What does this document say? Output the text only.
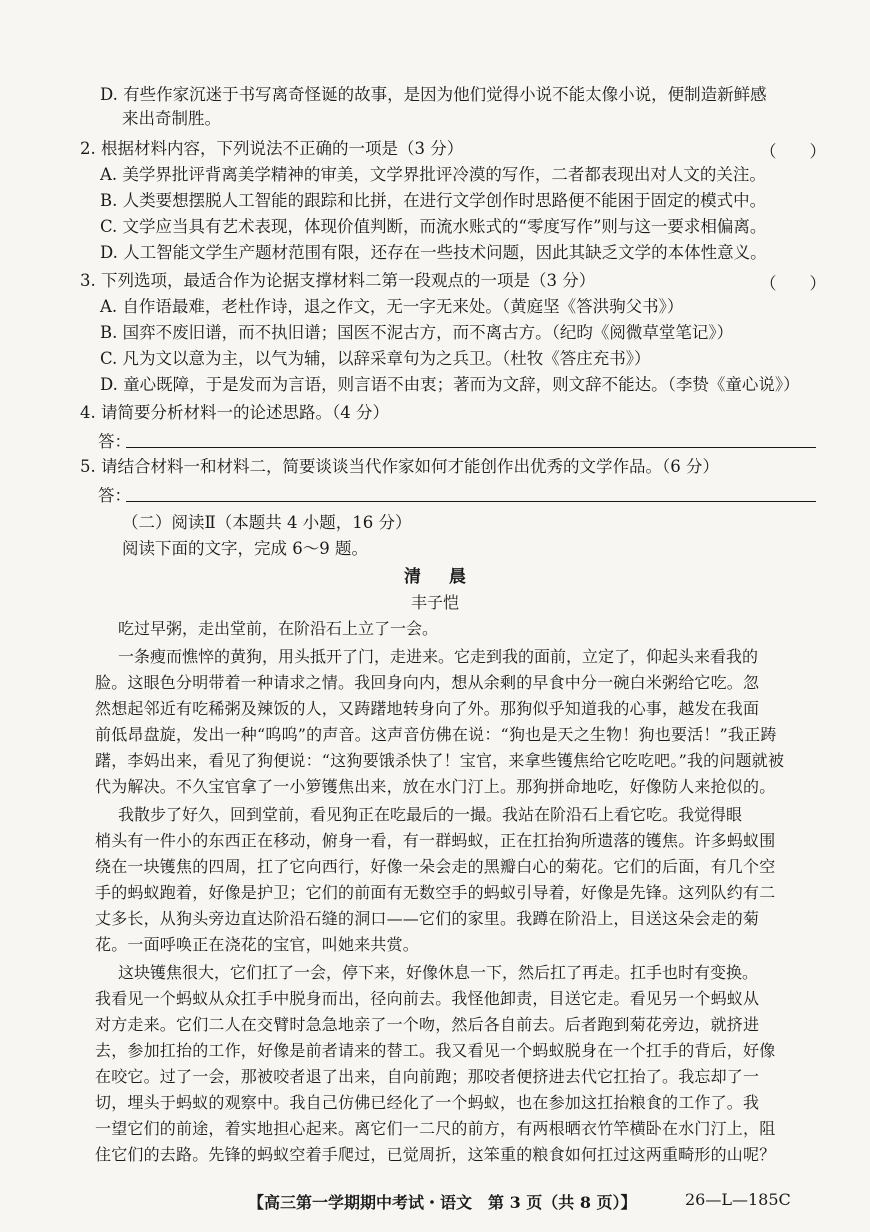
D. 有些作家沉迷于书写离奇怪诞的故事，是因为他们觉得小说不能太像小说，便制造新鲜感
来出奇制胜。
2. 根据材料内容，下列说法不正确的一项是（3 分）	（　　）
A. 美学界批评背离美学精神的审美，文学界批评冷漠的写作，二者都表现出对人文的关注。
B. 人类要想摆脱人工智能的跟踪和比拼，在进行文学创作时思路便不能困于固定的模式中。
C. 文学应当具有艺术表现，体现价值判断，而流水账式的“零度写作”则与这一要求相偏离。
D. 人工智能文学生产题材范围有限，还存在一些技术问题，因此其缺乏文学的本体性意义。
3. 下列选项，最适合作为论据支撑材料二第一段观点的一项是（3 分）	（　　）
A. 自作语最难，老杜作诗，退之作文，无一字无来处。（黄庭坚《答洪驹父书》）
B. 国弈不废旧谱，而不执旧谱；国医不泥古方，而不离古方。（纪昀《阅微草堂笔记》）
C. 凡为文以意为主，以气为辅，以辞采章句为之兵卫。（杜牧《答庄充书》）
D. 童心既障，于是发而为言语，则言语不由衷；著而为文辞，则文辞不能达。（李贽《童心说》）
4. 请简要分析材料一的论述思路。（4 分）
答：
5. 请结合材料一和材料二，简要谈谈当代作家如何才能创作出优秀的文学作品。（6 分）
答：
（二）阅读Ⅱ（本题共 4 小题，16 分）
阅读下面的文字，完成 6～9 题。
清晨
丰子恺
吃过早粥，走出堂前，在阶沿石上立了一会。
一条瘦而憔悴的黄狗，用头抵开了门，走进来。它走到我的面前，立定了，仰起头来看我的
脸。这眼色分明带着一种请求之情。我回身向内，想从余剩的早食中分一碗白米粥给它吃。忽
然想起邻近有吃稀粥及辣饭的人，又踌躇地转身向了外。那狗似乎知道我的心事，越发在我面
前低昂盘旋，发出一种“呜呜”的声音。这声音仿佛在说：“狗也是天之生物！狗也要活！”我正踌
躇，李妈出来，看见了狗便说：“这狗要饿杀快了！宝官，来拿些镬焦给它吃吃吧。”我的问题就被
代为解决。不久宝官拿了一小箩镬焦出来，放在水门汀上。那狗拼命地吃，好像防人来抢似的。
我散步了好久，回到堂前，看见狗正在吃最后的一撮。我站在阶沿石上看它吃。我觉得眼
梢头有一件小的东西正在移动，俯身一看，有一群蚂蚁，正在扛抬狗所遗落的镬焦。许多蚂蚁围
绕在一块镬焦的四周，扛了它向西行，好像一朵会走的黑瓣白心的菊花。它们的后面，有几个空
手的蚂蚁跑着，好像是护卫；它们的前面有无数空手的蚂蚁引导着，好像是先锋。这列队约有二
丈多长，从狗头旁边直达阶沿石缝的洞口——它们的家里。我蹲在阶沿上，目送这朵会走的菊
花。一面呼唤正在浇花的宝官，叫她来共赏。
这块镬焦很大，它们扛了一会，停下来，好像休息一下，然后扛了再走。扛手也时有变换。
我看见一个蚂蚁从众扛手中脱身而出，径向前去。我怪他卸责，目送它走。看见另一个蚂蚁从
对方走来。它们二人在交臂时急急地亲了一个吻，然后各自前去。后者跑到菊花旁边，就挤进
去，参加扛抬的工作，好像是前者请来的替工。我又看见一个蚂蚁脱身在一个扛手的背后，好像
在咬它。过了一会，那被咬者退了出来，自向前跑；那咬者便挤进去代它扛抬了。我忘却了一
切，埋头于蚂蚁的观察中。我自己仿佛已经化了一个蚂蚁，也在参加这扛抬粮食的工作了。我
一望它们的前途，着实地担心起来。离它们一二尺的前方，有两根晒衣竹竿横卧在水门汀上，阻
住它们的去路。先锋的蚂蚁空着手爬过，已觉周折，这笨重的粮食如何扛过这两重畸形的山呢？
【高三第一学期期中考试・语文　第 3 页（共 8 页）】	26—L—185C
